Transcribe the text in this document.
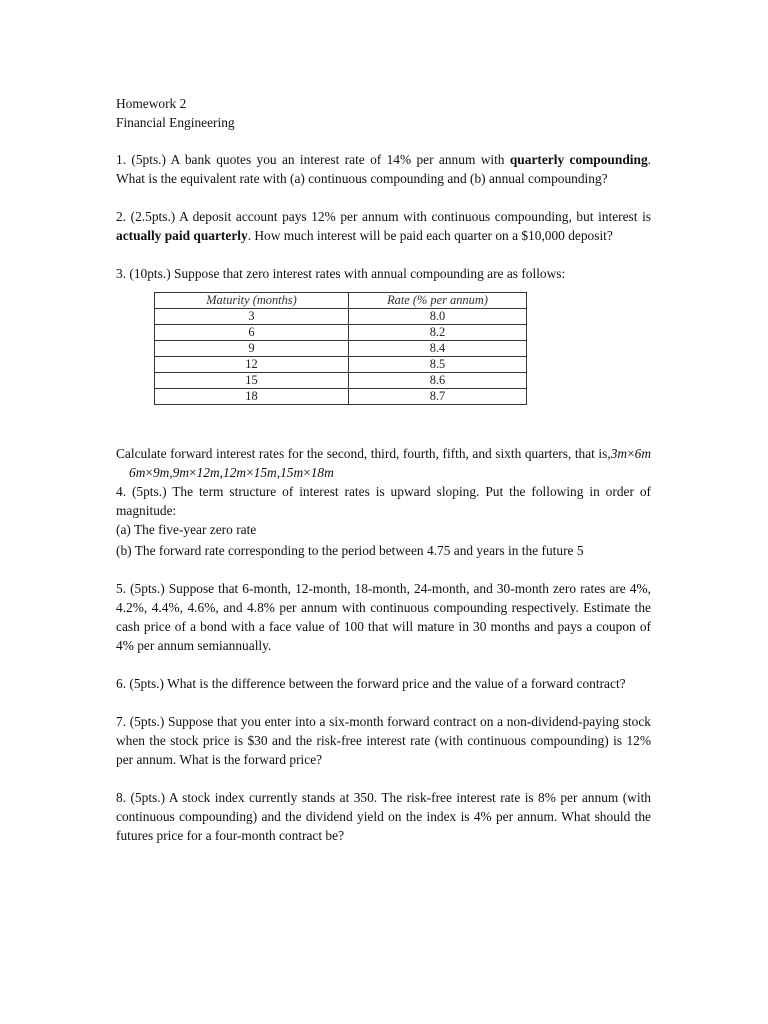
Homework 2

Financial Engineering

1. (5pts.) A bank quotes you an interest rate of 14% per annum with quarterly compounding. What is the equivalent rate with (a) continuous compounding and (b) annual compounding?

2. (2.5pts.) A deposit account pays 12% per annum with continuous compounding, but interest is actually paid quarterly. How much interest will be paid each quarter on a $10,000 deposit?

3. (10pts.) Suppose that zero interest rates with annual compounding are as follows:

Maturity (months)	Rate (% per annum)
3	8.0
6	8.2
9	8.4
12	8.5
15	8.6
18	8.7

Calculate forward interest rates for the second, third, fourth, fifth, and sixth quarters, that is,3m×6m6m×9m,9m×12m,12m×15m,15m×18m

4. (5pts.) The term structure of interest rates is upward sloping. Put the following in order of magnitude:

(a) The five-year zero rate

(b) The forward rate corresponding to the period between 4.75 and years in the future 5

5. (5pts.) Suppose that 6-month, 12-month, 18-month, 24-month, and 30-month zero rates are 4%, 4.2%, 4.4%, 4.6%, and 4.8% per annum with continuous compounding respectively. Estimate the cash price of a bond with a face value of 100 that will mature in 30 months and pays a coupon of 4% per annum semiannually.

6. (5pts.) What is the difference between the forward price and the value of a forward contract?

7. (5pts.) Suppose that you enter into a six-month forward contract on a non-dividend-paying stock when the stock price is $30 and the risk-free interest rate (with continuous compounding) is 12% per annum. What is the forward price?

8. (5pts.) A stock index currently stands at 350. The risk-free interest rate is 8% per annum (with continuous compounding) and the dividend yield on the index is 4% per annum. What should the futures price for a four-month contract be?
